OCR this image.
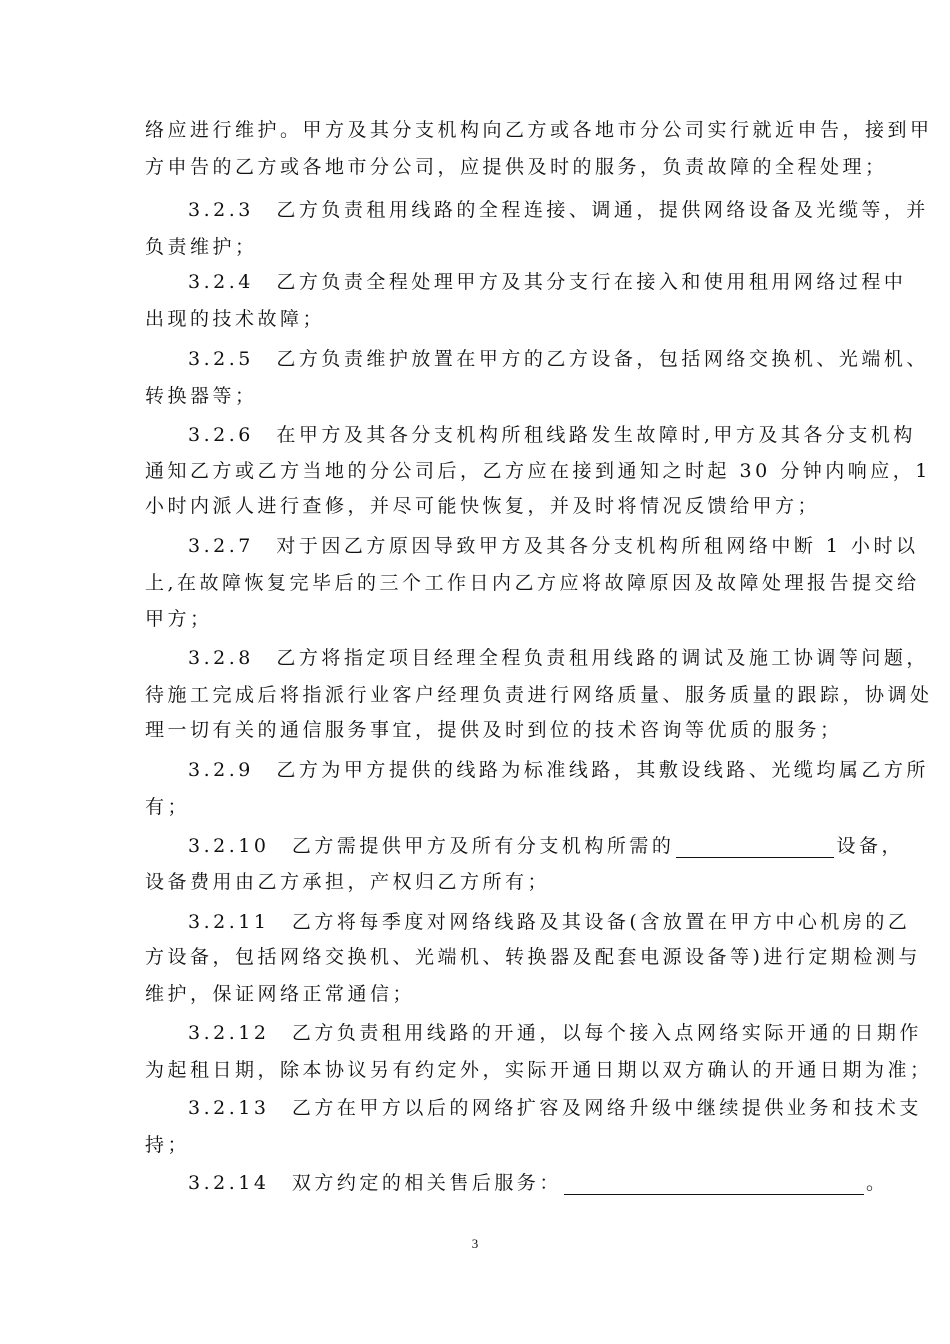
络应进行维护。甲方及其分支机构向乙方或各地市分公司实行就近申告，接到甲
方申告的乙方或各地市分公司，应提供及时的服务，负责故障的全程处理；
3.2.3　乙方负责租用线路的全程连接、调通，提供网络设备及光缆等，并
负责维护；
3.2.4　乙方负责全程处理甲方及其分支行在接入和使用租用网络过程中
出现的技术故障；
3.2.5　乙方负责维护放置在甲方的乙方设备，包括网络交换机、光端机、
转换器等；
3.2.6　在甲方及其各分支机构所租线路发生故障时,甲方及其各分支机构
通知乙方或乙方当地的分公司后，乙方应在接到通知之时起 30 分钟内响应，1
小时内派人进行查修，并尽可能快恢复，并及时将情况反馈给甲方；
3.2.7　对于因乙方原因导致甲方及其各分支机构所租网络中断 1 小时以
上,在故障恢复完毕后的三个工作日内乙方应将故障原因及故障处理报告提交给
甲方；
3.2.8　乙方将指定项目经理全程负责租用线路的调试及施工协调等问题，
待施工完成后将指派行业客户经理负责进行网络质量、服务质量的跟踪，协调处
理一切有关的通信服务事宜，提供及时到位的技术咨询等优质的服务；
3.2.9　乙方为甲方提供的线路为标准线路，其敷设线路、光缆均属乙方所
有；
3.2.10　乙方需提供甲方及所有分支机构所需的	设备，
设备费用由乙方承担，产权归乙方所有；
3.2.11　乙方将每季度对网络线路及其设备(含放置在甲方中心机房的乙
方设备，包括网络交换机、光端机、转换器及配套电源设备等)进行定期检测与
维护，保证网络正常通信；
3.2.12　乙方负责租用线路的开通，以每个接入点网络实际开通的日期作
为起租日期，除本协议另有约定外，实际开通日期以双方确认的开通日期为准；
3.2.13　乙方在甲方以后的网络扩容及网络升级中继续提供业务和技术支
持；
3.2.14　双方约定的相关售后服务：	。
3
